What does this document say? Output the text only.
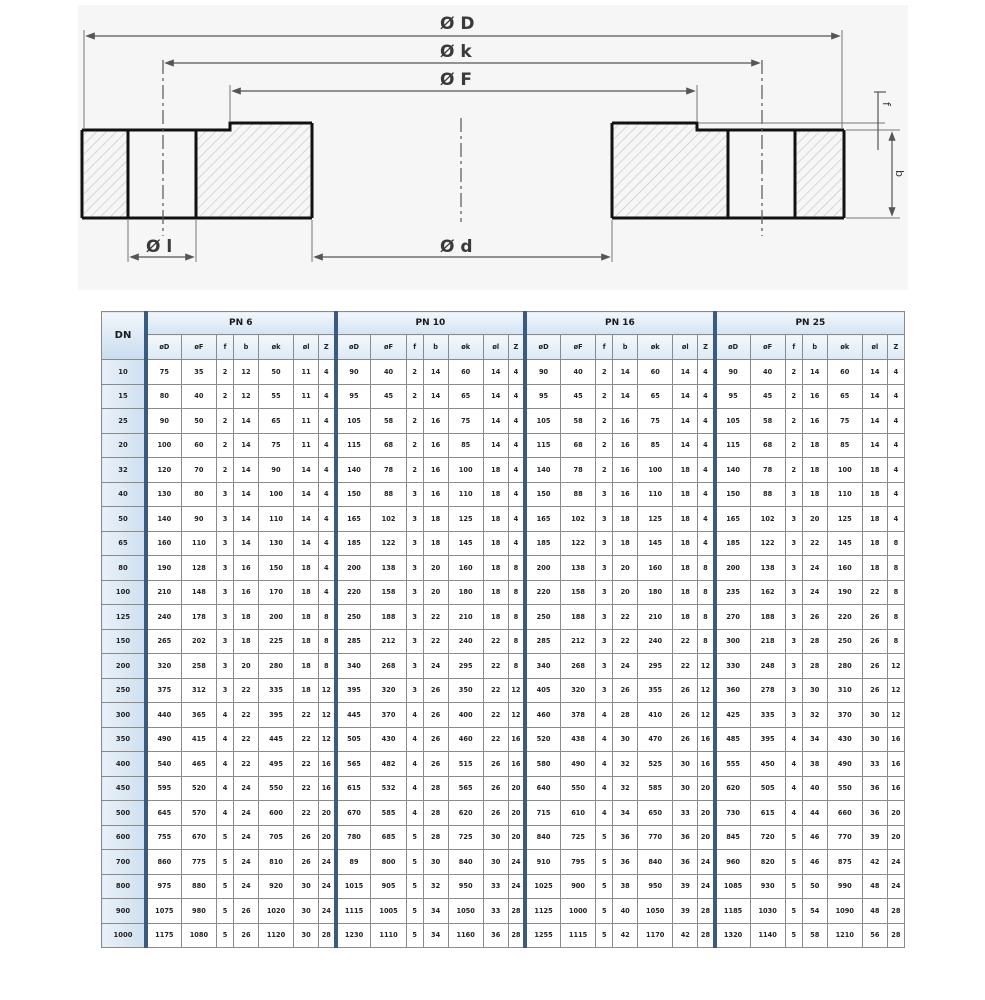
Ø D
Ø k
Ø F
Ø l	Ø d
f
b
DN	PN 6							PN 10							PN 16							PN 25						
	øD	øF	f	b	øk	øl	Z	øD	øF	f	b	øk	øl	Z	øD	øF	f	b	øk	øl	Z	øD	øF	f	b	øk	øl	Z
10	75	35	2	12	50	11	4	90	40	2	14	60	14	4	90	40	2	14	60	14	4	90	40	2	14	60	14	4
15	80	40	2	12	55	11	4	95	45	2	14	65	14	4	95	45	2	14	65	14	4	95	45	2	16	65	14	4
25	90	50	2	14	65	11	4	105	58	2	16	75	14	4	105	58	2	16	75	14	4	105	58	2	16	75	14	4
20	100	60	2	14	75	11	4	115	68	2	16	85	14	4	115	68	2	16	85	14	4	115	68	2	18	85	14	4
32	120	70	2	14	90	14	4	140	78	2	16	100	18	4	140	78	2	16	100	18	4	140	78	2	18	100	18	4
40	130	80	3	14	100	14	4	150	88	3	16	110	18	4	150	88	3	16	110	18	4	150	88	3	18	110	18	4
50	140	90	3	14	110	14	4	165	102	3	18	125	18	4	165	102	3	18	125	18	4	165	102	3	20	125	18	4
65	160	110	3	14	130	14	4	185	122	3	18	145	18	4	185	122	3	18	145	18	4	185	122	3	22	145	18	8
80	190	128	3	16	150	18	4	200	138	3	20	160	18	8	200	138	3	20	160	18	8	200	138	3	24	160	18	8
100	210	148	3	16	170	18	4	220	158	3	20	180	18	8	220	158	3	20	180	18	8	235	162	3	24	190	22	8
125	240	178	3	18	200	18	8	250	188	3	22	210	18	8	250	188	3	22	210	18	8	270	188	3	26	220	26	8
150	265	202	3	18	225	18	8	285	212	3	22	240	22	8	285	212	3	22	240	22	8	300	218	3	28	250	26	8
200	320	258	3	20	280	18	8	340	268	3	24	295	22	8	340	268	3	24	295	22	12	330	248	3	28	280	26	12
250	375	312	3	22	335	18	12	395	320	3	26	350	22	12	405	320	3	26	355	26	12	360	278	3	30	310	26	12
300	440	365	4	22	395	22	12	445	370	4	26	400	22	12	460	378	4	28	410	26	12	425	335	3	32	370	30	12
350	490	415	4	22	445	22	12	505	430	4	26	460	22	16	520	438	4	30	470	26	16	485	395	4	34	430	30	16
400	540	465	4	22	495	22	16	565	482	4	26	515	26	16	580	490	4	32	525	30	16	555	450	4	38	490	33	16
450	595	520	4	24	550	22	16	615	532	4	28	565	26	20	640	550	4	32	585	30	20	620	505	4	40	550	36	16
500	645	570	4	24	600	22	20	670	585	4	28	620	26	20	715	610	4	34	650	33	20	730	615	4	44	660	36	20
600	755	670	5	24	705	26	20	780	685	5	28	725	30	20	840	725	5	36	770	36	20	845	720	5	46	770	39	20
700	860	775	5	24	810	26	24	89	800	5	30	840	30	24	910	795	5	36	840	36	24	960	820	5	46	875	42	24
800	975	880	5	24	920	30	24	1015	905	5	32	950	33	24	1025	900	5	38	950	39	24	1085	930	5	50	990	48	24
900	1075	980	5	26	1020	30	24	1115	1005	5	34	1050	33	28	1125	1000	5	40	1050	39	28	1185	1030	5	54	1090	48	28
1000	1175	1080	5	26	1120	30	28	1230	1110	5	34	1160	36	28	1255	1115	5	42	1170	42	28	1320	1140	5	58	1210	56	28
